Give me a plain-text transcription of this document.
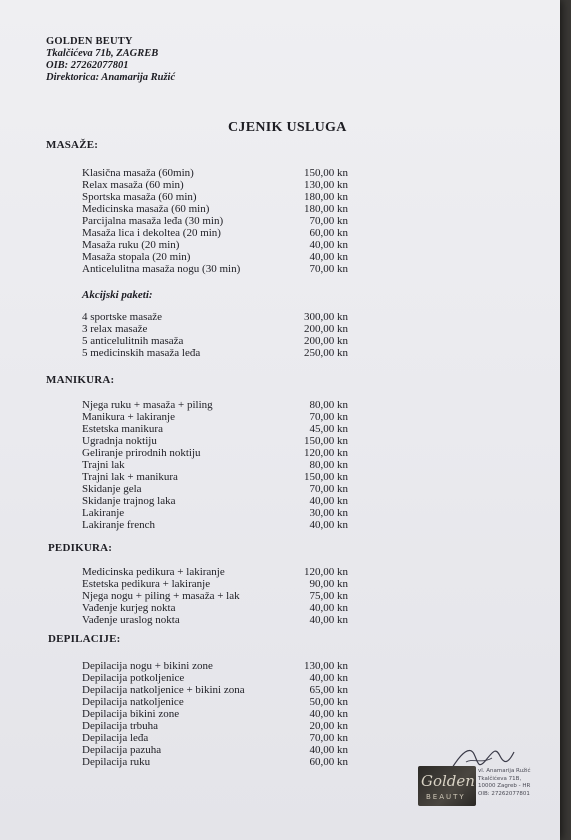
GOLDEN BEUTY
Tkalčićeva 71b, ZAGREB
OIB: 27262077801
Direktorica: Anamarija Ružić
CJENIK USLUGA
MASAŽE:
Klasična masaža (60min)	150,00 kn
Relax masaža (60 min)	130,00 kn
Sportska masaža (60 min)	180,00 kn
Medicinska masaža (60 min)	180,00 kn
Parcijalna masaža leđa (30 min)	70,00 kn
Masaža lica i dekoltea (20 min)	60,00 kn
Masaža ruku (20 min)	40,00 kn
Masaža stopala (20 min)	40,00 kn
Anticelulitna masaža nogu (30 min)	70,00 kn
Akcijski paketi:
4 sportske masaže	300,00 kn
3 relax masaže	200,00 kn
5 anticelulitnih masaža	200,00 kn
5 medicinskih masaža leđa	250,00 kn
MANIKURA:
Njega ruku + masaža + piling	80,00 kn
Manikura + lakiranje	70,00 kn
Estetska manikura	45,00 kn
Ugradnja noktiju	150,00 kn
Geliranje prirodnih noktiju	120,00 kn
Trajni lak	80,00 kn
Trajni lak + manikura	150,00 kn
Skidanje gela	70,00 kn
Skidanje trajnog laka	40,00 kn
Lakiranje	30,00 kn
Lakiranje french	40,00 kn
PEDIKURA:
Medicinska pedikura + lakiranje	120,00 kn
Estetska pedikura + lakiranje	90,00 kn
Njega nogu + piling + masaža + lak	75,00 kn
Vađenje kurjeg nokta	40,00 kn
Vađenje uraslog nokta	40,00 kn
DEPILACIJE:
Depilacija nogu + bikini zone	130,00 kn
Depilacija potkoljenice	40,00 kn
Depilacija natkoljenice + bikini zona	65,00 kn
Depilacija natkoljenice	50,00 kn
Depilacija bikini zone	40,00 kn
Depilacija trbuha	20,00 kn
Depilacija leđa	70,00 kn
Depilacija pazuha	40,00 kn
Depilacija ruku	60,00 kn
Golden
BEAUTY
vl. Anamarija Ružić
Tkalčićeva 71B,
10000 Zagreb - HR
OIB: 27262077801
